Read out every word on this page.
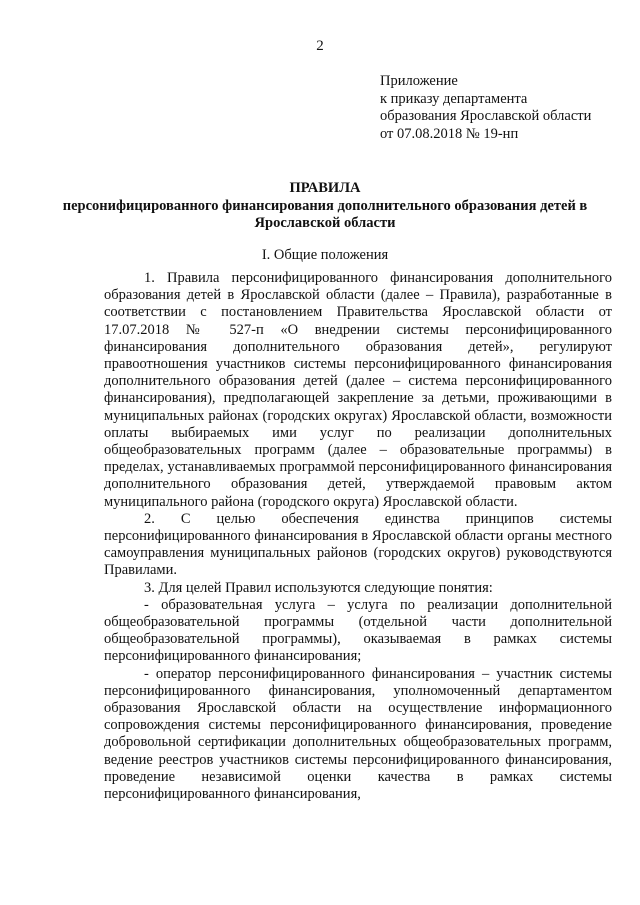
2
Приложение
к приказу департамента
образования Ярославской области
от 07.08.2018 № 19-нп
ПРАВИЛА
персонифицированного финансирования дополнительного образования детей в Ярославской области
I. Общие положения

1. Правила персонифицированного финансирования дополнительного образования детей в Ярославской области (далее – Правила), разработанные в соответствии с постановлением Правительства Ярославской области от 17.07.2018 № 527-п «О внедрении системы персонифицированного финансирования дополнительного образования детей», регулируют правоотношения участников системы персонифицированного финансирования дополнительного образования детей (далее – система персонифицированного финансирования), предполагающей закрепление за детьми, проживающими в муниципальных районах (городских округах) Ярославской области, возможности оплаты выбираемых ими услуг по реализации дополнительных общеобразовательных программ (далее – образовательные программы) в пределах, устанавливаемых программой персонифицированного финансирования дополнительного образования детей, утверждаемой правовым актом муниципального района (городского округа) Ярославской области.

2. С целью обеспечения единства принципов системы персонифицированного финансирования в Ярославской области органы местного самоуправления муниципальных районов (городских округов) руководствуются Правилами.

3. Для целей Правил используются следующие понятия:

- образовательная услуга – услуга по реализации дополнительной общеобразовательной программы (отдельной части дополнительной общеобразовательной программы), оказываемая в рамках системы персонифицированного финансирования;

- оператор персонифицированного финансирования – участник системы персонифицированного финансирования, уполномоченный департаментом образования Ярославской области на осуществление информационного сопровождения системы персонифицированного финансирования, проведение добровольной сертификации дополнительных общеобразовательных программ, ведение реестров участников системы персонифицированного финансирования, проведение независимой оценки качества в рамках системы персонифицированного финансирования,
